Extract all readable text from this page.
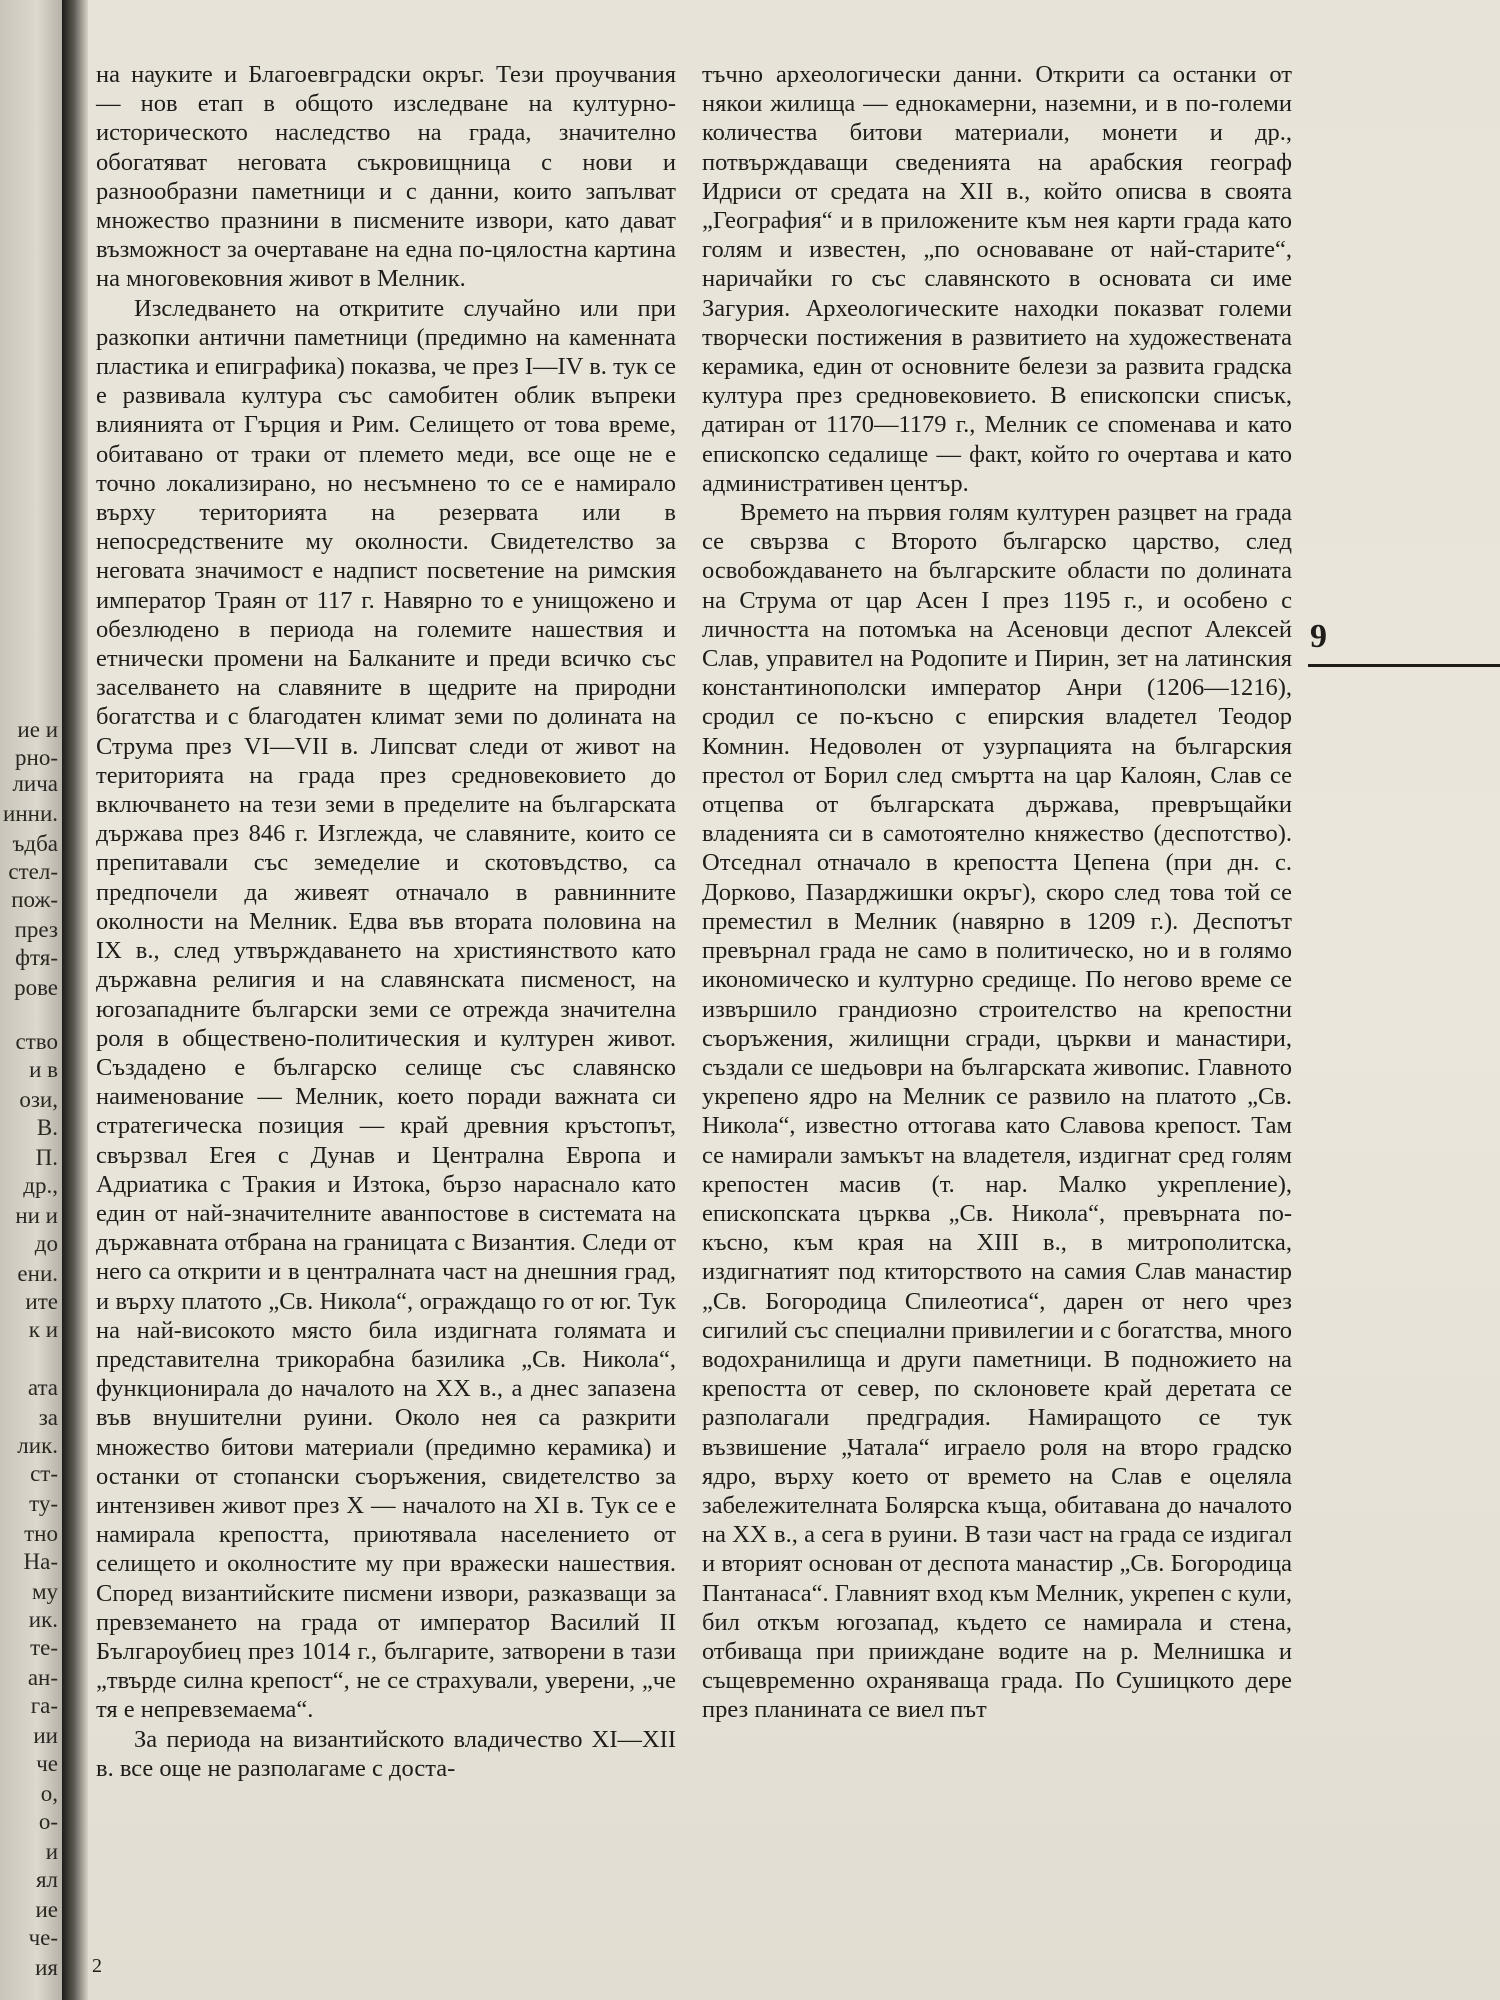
ие и
рно-
лича
инни.
ъдба
стел-
пож-
през
фтя-
рове
ство
и в
ози,
В.
П.
др.,
ни и
до
ени.
ите
к и
ата
за
лик.
ст-
ту-
тно
На-
му
ик.
те-
ан-
га-
ии
че
о,
о-
и
ял
ие
че-
ия

на науките и Благоевградски окръг. Тези проучвания — нов етап в общото изследване на културно-историческото наследство на града, значително обогатяват неговата съкровищница с нови и разнообразни паметници и с данни, които запълват множество празнини в писмените извори, като дават възможност за очертаване на една по-цялостна картина на многовековния живот в Мелник.

Изследването на откритите случайно или при разкопки антични паметници (предимно на каменната пластика и епиграфика) показва, че през I—IV в. тук се е развивала култура със самобитен облик въпреки влиянията от Гърция и Рим. Селището от това време, обитавано от траки от племето меди, все още не е точно локализирано, но несъмнено то се е намирало върху територията на резервата или в непосредствените му околности. Свидетелство за неговата значимост е надпист посветение на римския император Траян от 117 г. Навярно то е унищожено и обезлюдено в периода на големите нашествия и етнически промени на Балканите и преди всичко със заселването на славяните в щедрите на природни богатства и с благодатен климат земи по долината на Струма през VI—VII в. Липсват следи от живот на територията на града през средновековието до включването на тези земи в пределите на българската държава през 846 г. Изглежда, че славяните, които се препитавали със земеделие и скотовъдство, са предпочели да живеят отначало в равнинните околности на Мелник. Едва във втората половина на IX в., след утвърждаването на християнството като държавна религия и на славянската писменост, на югозападните български земи се отрежда значителна роля в обществено-политическия и културен живот. Създадено е българско селище със славянско наименование — Мелник, което поради важната си стратегическа позиция — край древния кръстопът, свързвал Егея с Дунав и Централна Европа и Адриатика с Тракия и Изтока, бързо нараснало като един от най-значителните аванпостове в системата на държавната отбрана на границата с Византия. Следи от него са открити и в централната част на днешния град, и върху платото „Св. Никола“, ограждащо го от юг. Тук на най-високото място била издигната голямата и представителна трикорабна базилика „Св. Никола“, функционирала до началото на XX в., а днес запазена във внушителни руини. Около нея са разкрити множество битови материали (предимно керамика) и останки от стопански съоръжения, свидетелство за интензивен живот през X — началото на XI в. Тук се е намирала крепостта, приютявала населението от селището и околностите му при вражески нашествия. Според византийските писмени извори, разказващи за превземането на града от император Василий II Българоубиец през 1014 г., българите, затворени в тази „твърде силна крепост“, не се страхували, уверени, „че тя е непревземаема“.

За периода на византийското владичество XI—XII в. все още не разполагаме с доста-

тъчно археологически данни. Открити са останки от някои жилища — еднокамерни, наземни, и в по-големи количества битови материали, монети и др., потвърждаващи сведенията на арабския географ Идриси от средата на XII в., който описва в своята „География“ и в приложените към нея карти града като голям и известен, „по основаване от най-старите“, наричайки го със славянското в основата си име Загурия. Археологическите находки показват големи творчески постижения в развитието на художествената керамика, един от основните белези за развита градска култура през средновековието. В епископски списък, датиран от 1170—1179 г., Мелник се споменава и като епископско седалище — факт, който го очертава и като административен център.

Времето на първия голям културен разцвет на града се свързва с Второто българско царство, след освобождаването на българските области по долината на Струма от цар Асен I през 1195 г., и особено с личността на потомъка на Асеновци деспот Алексей Слав, управител на Родопите и Пирин, зет на латинския константинополски император Анри (1206—1216), сродил се по-късно с епирския владетел Теодор Комнин. Недоволен от узурпацията на българския престол от Борил след смъртта на цар Калоян, Слав се отцепва от българската държава, превръщайки владенията си в самотоятелно княжество (деспотство). Отседнал отначало в крепостта Цепена (при дн. с. Дорково, Пазарджишки окръг), скоро след това той се преместил в Мелник (навярно в 1209 г.). Деспотът превърнал града не само в политическо, но и в голямо икономическо и културно средище. По негово време се извършило грандиозно строителство на крепостни съоръжения, жилищни сгради, църкви и манастири, създали се шедьоври на българската живопис. Главното укрепено ядро на Мелник се развило на платото „Св. Никола“, известно оттогава като Славова крепост. Там се намирали замъкът на владетеля, издигнат сред голям крепостен масив (т. нар. Малко укрепление), епископската църква „Св. Никола“, превърната по-късно, към края на XIII в., в митрополитска, издигнатият под ктиторството на самия Слав манастир „Св. Богородица Спилеотиса“, дарен от него чрез сигилий със специални привилегии и с богатства, много водохранилища и други паметници. В подножието на крепостта от север, по склоновете край деретата се разполагали предградия. Намиращото се тук възвишение „Чатала“ играело роля на второ градско ядро, върху което от времето на Слав е оцеляла забележителната Болярска къща, обитавана до началото на XX в., а сега в руини. В тази част на града се издигал и вторият основан от деспота манастир „Св. Богородица Пантанаса“. Главният вход към Мелник, укрепен с кули, бил откъм югозапад, където се намирала и стена, отбиваща при прииждане водите на р. Мелнишка и същевременно охраняваща града. По Сушицкото дере през планината се виел път

9
2
